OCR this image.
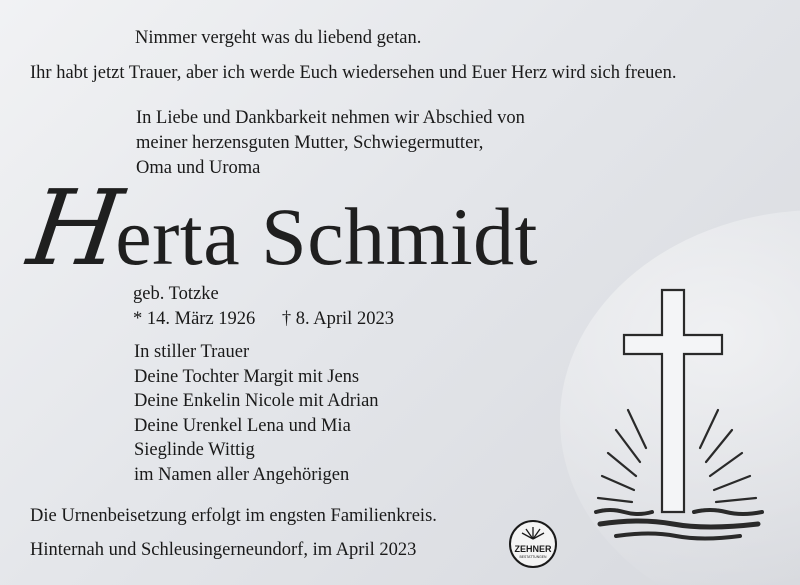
Nimmer vergeht was du liebend getan.
Ihr habt jetzt Trauer, aber ich werde Euch wiedersehen und Euer Herz wird sich freuen.
In Liebe und Dankbarkeit nehmen wir Abschied von
meiner herzensguten Mutter, Schwiegermutter,
Oma und Uroma
Herta Schmidt
geb. Totzke
* 14. März 1926 † 8. April 2023
In stiller Trauer
Deine Tochter Margit mit Jens
Deine Enkelin Nicole mit Adrian
Deine Urenkel Lena und Mia
Sieglinde Wittig
im Namen aller Angehörigen
Die Urnenbeisetzung erfolgt im engsten Familienkreis.
Hinternah und Schleusingerneundorf, im April 2023	ZEHNER
BESTATTUNGEN
